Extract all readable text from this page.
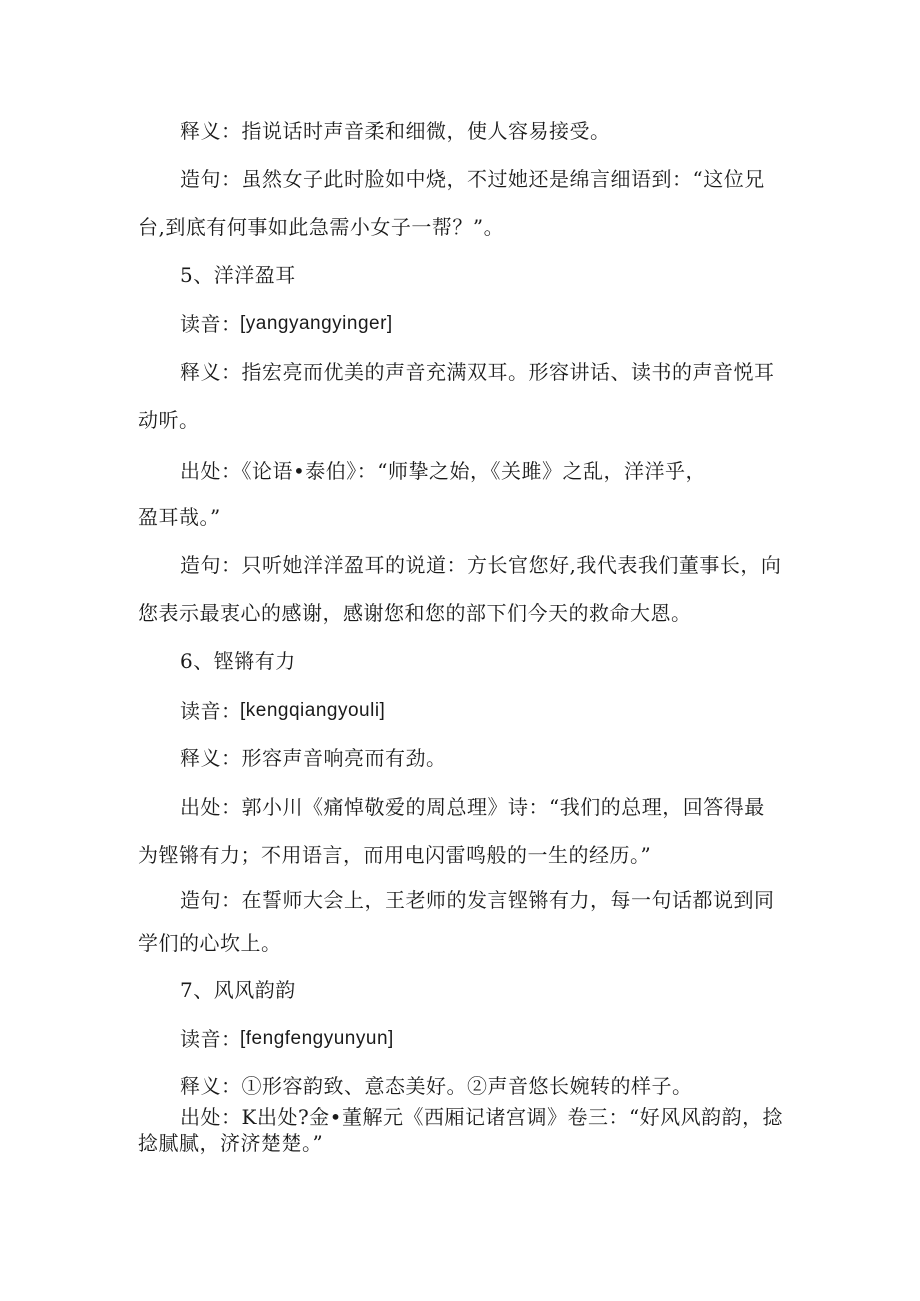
释义：指说话时声音柔和细微，使人容易接受。
造句：虽然女子此时脸如中烧，不过她还是绵言细语到：“这位兄
台,到底有何事如此急需小女子一帮？”。
5、洋洋盈耳
读音：
[yangyangyinger]
释义：指宏亮而优美的声音充满双耳。形容讲话、读书的声音悦耳
动听。
出处：《论语•泰伯》：“师挚之始，《关雎》之乱，洋洋乎，
盈耳哉。”
造句：只听她洋洋盈耳的说道：方长官您好,我代表我们董事长，向
您表示最衷心的感谢，感谢您和您的部下们今天的救命大恩。
6、铿锵有力
读音：
[kengqiangyouli]
释义：形容声音响亮而有劲。
出处：郭小川《痛悼敬爱的周总理》诗：“我们的总理，回答得最
为铿锵有力；不用语言，而用电闪雷鸣般的一生的经历。”
造句：在誓师大会上，王老师的发言铿锵有力，每一句话都说到同
学们的心坎上。
7、风风韵韵
读音：
[fengfengyunyun]
释义：①形容韵致、意态美好。②声音悠长婉转的样子。
出处：K出处?金•董解元《西厢记诸宫调》卷三：“好风风韵韵，捻
捻腻腻，济济楚楚。”
